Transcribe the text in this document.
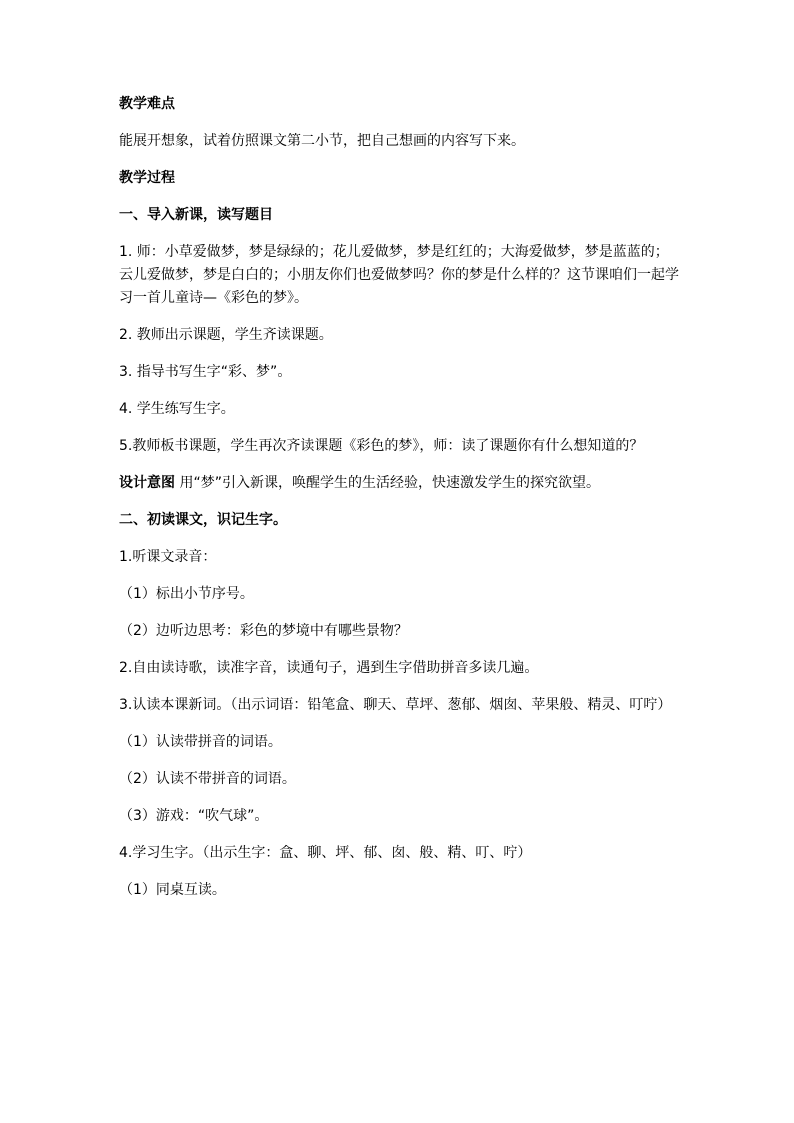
教学难点

能展开想象，试着仿照课文第二小节，把自己想画的内容写下来。

教学过程

一、导入新课，读写题目

1. 师：小草爱做梦，梦是绿绿的；花儿爱做梦，梦是红红的；大海爱做梦，梦是蓝蓝的；云儿爱做梦，梦是白白的；小朋友你们也爱做梦吗？你的梦是什么样的？这节课咱们一起学习一首儿童诗—《彩色的梦》。

2. 教师出示课题，学生齐读课题。

3. 指导书写生字“彩、梦”。

4. 学生练写生字。

5.教师板书课题，学生再次齐读课题《彩色的梦》，师：读了课题你有什么想知道的？

设计意图 用“梦”引入新课，唤醒学生的生活经验，快速激发学生的探究欲望。

二、初读课文，识记生字。

1.听课文录音：

（1）标出小节序号。

（2）边听边思考：彩色的梦境中有哪些景物？

2.自由读诗歌，读准字音，读通句子，遇到生字借助拼音多读几遍。

3.认读本课新词。（出示词语：铅笔盒、聊天、草坪、葱郁、烟囱、苹果般、精灵、叮咛）

（1）认读带拼音的词语。

（2）认读不带拼音的词语。

（3）游戏：“吹气球”。

4.学习生字。（出示生字：盒、聊、坪、郁、囱、般、精、叮、咛）

（1）同桌互读。
